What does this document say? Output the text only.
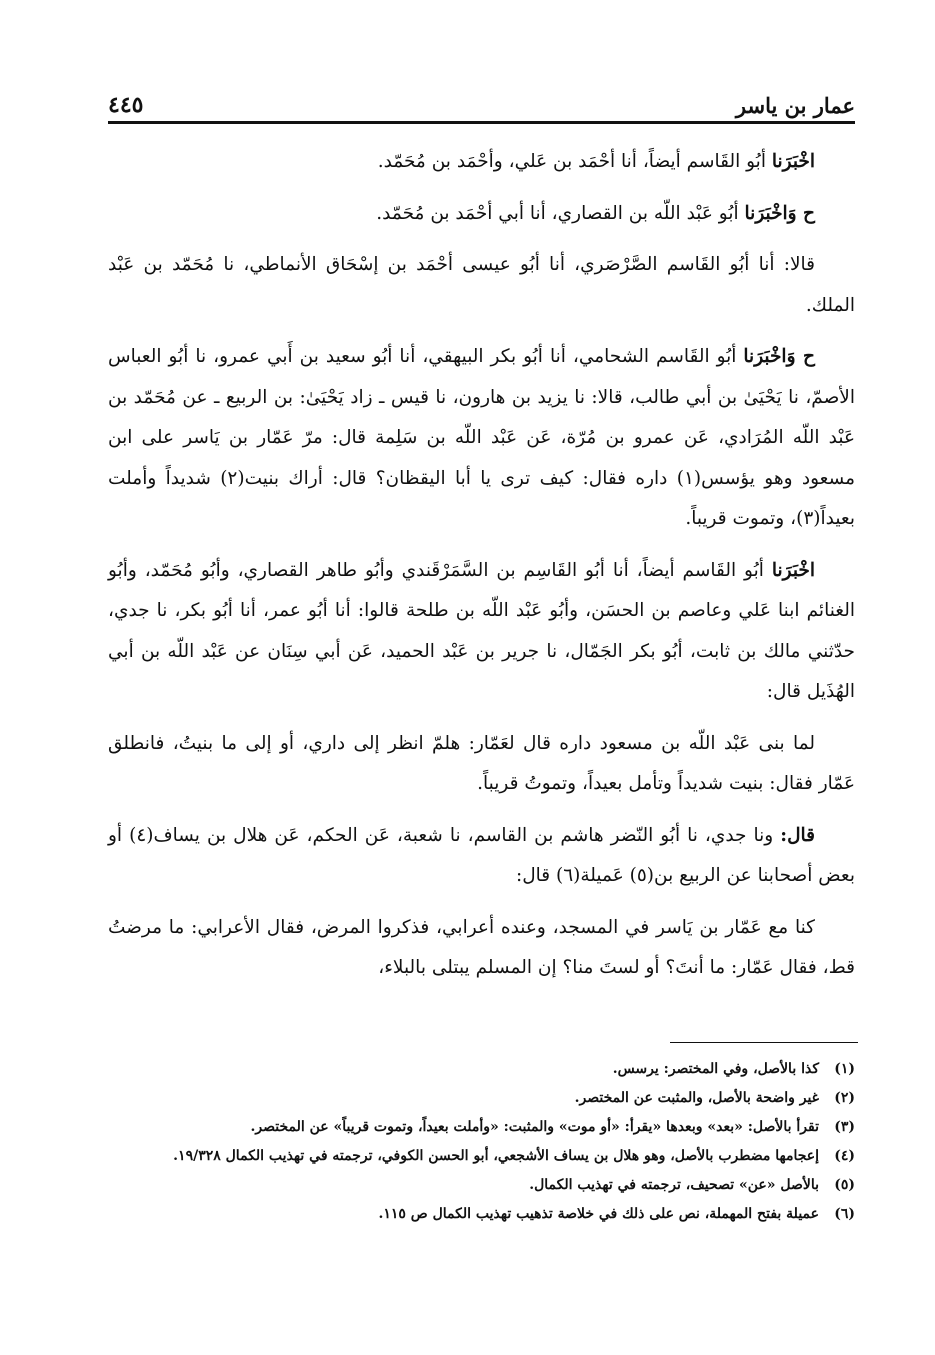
عمار بن ياسر
٤٤٥

اخْبَرَنا أبُو القَاسم أيضاً، أنا أحْمَد بن عَلي، وأحْمَد بن مُحَمّد.

ح وَاخْبَرَنا أبُو عَبْد اللّه بن القصاري، أنا أبي أحْمَد بن مُحَمّد.

قالا: أنا أبُو القَاسم الصَّرْصَري، أنا أبُو عيسى أحْمَد بن إسْحَاق الأنماطي، نا مُحَمّد بن عَبْد الملك.

ح وَاخْبَرَنا أبُو القَاسم الشحامي، أنا أبُو بكر البيهقي، أنا أبُو سعيد بن أَبي عمرو، نا أبُو العباس الأصمّ، نا يَحْيَىٰ بن أبي طالب، قالا: نا يزيد بن هارون، نا قيس ـ زاد يَحْيَىٰ: بن الربيع ـ عن مُحَمّد بن عَبْد اللّه المُرَادي، عَن عمرو بن مُرّة، عَن عَبْد اللّه بن سَلِمة قال: مرّ عَمّار بن يَاسر على ابن مسعود وهو يؤسس(١) داره فقال: كيف ترى يا أبا اليقظان؟ قال: أراك بنيت(٢) شديداً وأملت بعيداً(٣)، وتموت قريباً.

اخْبَرَنا أبُو القَاسم أيضاً، أنا أبُو القَاسِم بن السَّمَرْقَندي وأبُو طاهر القصاري، وأبُو مُحَمّد، وأبُو الغنائم ابنا عَلي وعاصم بن الحسَن، وأبُو عَبْد اللّه بن طلحة قالوا: أنا أبُو عمر، أنا أبُو بكر، نا جدي، حدّثني مالك بن ثابت، أبُو بكر الجَمّال، نا جرير بن عَبْد الحميد، عَن أبي سِنَان عن عَبْد اللّه بن أبي الهُذَيل قال:

لما بنى عَبْد اللّه بن مسعود داره قال لعَمّار: هلمّ انظر إلى داري، أو إلى ما بنيتُ، فانطلق عَمّار فقال: بنيت شديداً وتأمل بعيداً، وتموتُ قريباً.

قال: ونا جدي، نا أبُو النّضر هاشم بن القاسم، نا شعبة، عَن الحكم، عَن هلال بن يساف(٤) أو بعض أصحابنا عن الربيع بن(٥) عَميلة(٦) قال:

كنا مع عَمّار بن يَاسر في المسجد، وعنده أعرابي، فذكروا المرض، فقال الأعرابي: ما مرضتُ قط، فقال عَمّار: ما أنتَ؟ أو لستَ منا؟ إن المسلم يبتلى بالبلاء،

(١)
كذا بالأصل، وفي المختصر: يرسس.
(٢)
غير واضحة بالأصل، والمثبت عن المختصر.
(٣)
تقرأ بالأصل: «بعد» وبعدها «يقرأ: «أو موت» والمثبت: «وأملت بعيداً، وتموت قريباً» عن المختصر.
(٤)
إعجامها مضطرب بالأصل، وهو هلال بن يساف الأشجعي، أبو الحسن الكوفي، ترجمته في تهذيب الكمال ١٩/٣٢٨.
(٥)
بالأصل «عن» تصحيف، ترجمته في تهذيب الكمال.
(٦)
عميلة بفتح المهملة، نص على ذلك في خلاصة تذهيب تهذيب الكمال ص ١١٥.
